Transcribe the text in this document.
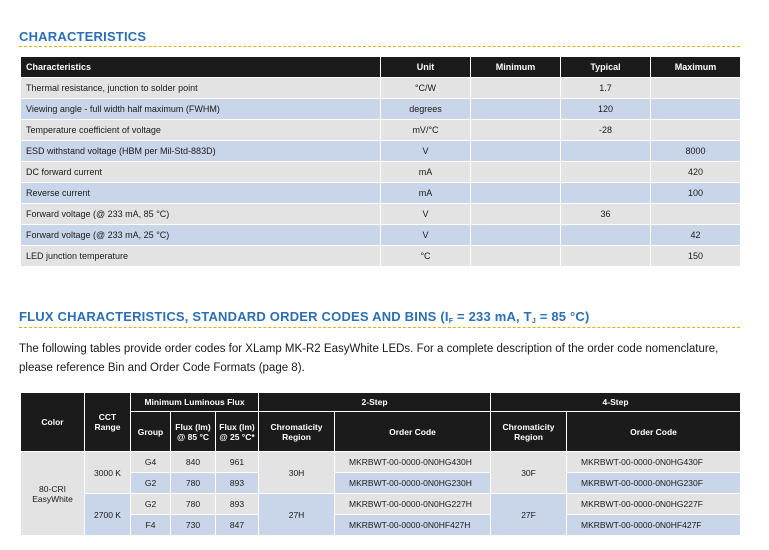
CHARACTERISTICS
Characteristics	Unit	Minimum	Typical	Maximum
Thermal resistance, junction to solder point	°C/W		1.7	
Viewing angle - full width half maximum (FWHM)	degrees		120	
Temperature coefficient of voltage	mV/°C		-28	
ESD withstand voltage (HBM per Mil-Std-883D)	V			8000
DC forward current	mA			420
Reverse current	mA			100
Forward voltage (@ 233 mA, 85 °C)	V		36	
Forward voltage (@ 233 mA, 25 °C)	V			42
LED junction temperature	°C			150
FLUX CHARACTERISTICS, STANDARD ORDER CODES AND BINS ($I_F = 233$ mA, $T_J = 85$ °C)
The following tables provide order codes for XLamp MK-R2 EasyWhite LEDs. For a complete description of the order code nomenclature, please reference Bin and Order Code Formats (page 8).
Color	CCT Range	Minimum Luminous Flux			2-Step		4-Step	
		Group	Flux (lm) @ 85 °C	Flux (lm) @ 25 °C*	Chromaticity Region	Order Code	Chromaticity Region	Order Code
80-CRI EasyWhite	3000 K	G4	840	961	30H	MKRBWT-00-0000-0N0HG430H	30F	MKRBWT-00-0000-0N0HG430F
		G2	780	893		MKRBWT-00-0000-0N0HG230H		MKRBWT-00-0000-0N0HG230F
	2700 K	G2	780	893	27H	MKRBWT-00-0000-0N0HG227H	27F	MKRBWT-00-0000-0N0HG227F
		F4	730	847		MKRBWT-00-0000-0N0HF427H		MKRBWT-00-0000-0N0HF427F
